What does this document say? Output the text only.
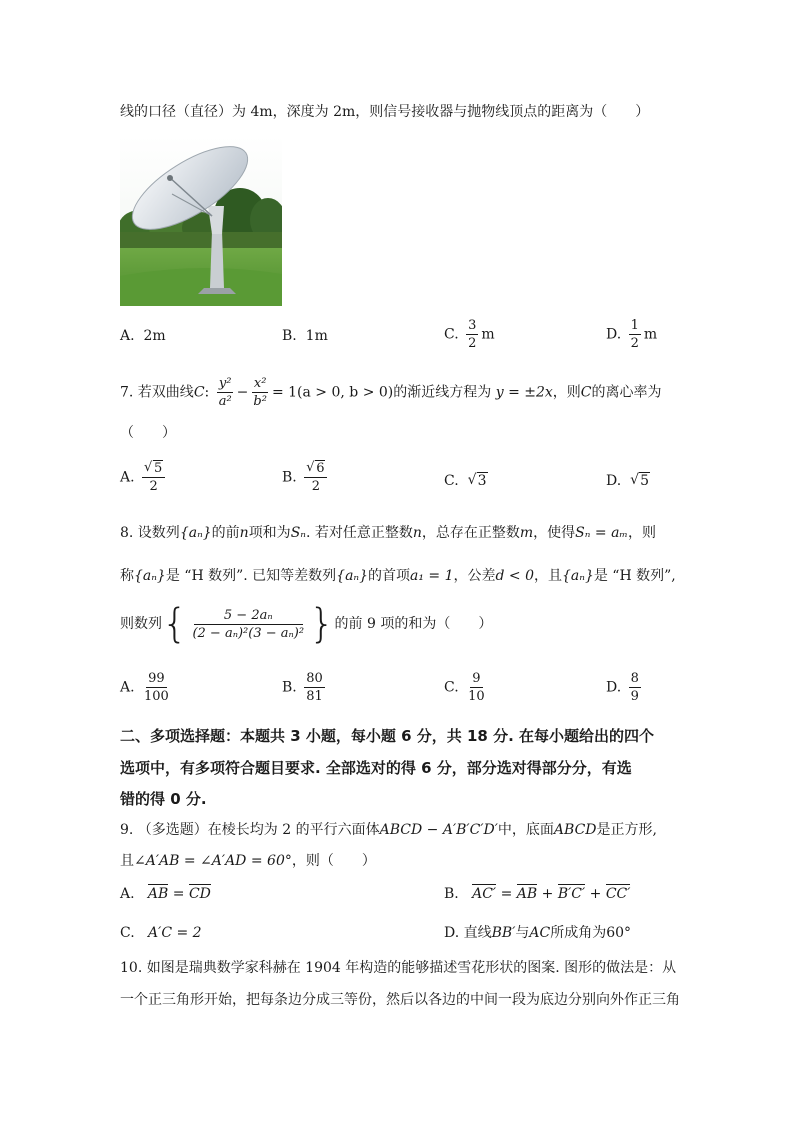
线的口径（直径）为 4m，深度为 2m，则信号接收器与抛物线顶点的距离为（　　）
A. 2m	B. 1m	C. $\frac{3}{2}$ m	D. $\frac{1}{2}$ m
7. 若双曲线C: $\frac{\text{y²}}{\text{a²}} - \frac{\text{x²}}{\text{b²}} = 1(a > 0$, b > 0)的渐近线方程为 y = ±2x，则C的离心率为
（　　）
A. √ $\frac{5}{2}$	B. √ $\frac{6}{2}$	C. √ 3	D. √ 5
8. 设数列{aₙ}的前n项和为Sₙ. 若对任意正整数n，总存在正整数m，使得Sₙ = aₘ，则
称{aₙ}是 “H 数列”. 已知等差数列{aₙ}的首项a₁ = 1，公差d < 0，且{aₙ}是 “H 数列”,
则数列 { $\frac{\text{5 − 2aₙ}}{\text{(2 − aₙ)²(3 − aₙ)²}}$ } 的前 9 项的和为（　　）
A. $\frac{99}{100}$	B. $\frac{80}{81}$	C. $\frac{9}{10}$	D. $\frac{8}{9}$
二、多项选择题：本题共 3 小题，每小题 6 分，共 18 分. 在每小题给出的四个
选项中，有多项符合题目要求. 全部选对的得 6 分，部分选对得部分分，有选
错的得 0 分.
9. （多选题）在棱长均为 2 的平行六面体ABCD − A′B′C′D′中，底面ABCD是正方形,
且∠A′AB = ∠A′AD = 60°，则（　　）
A. AB = CD	B. AC′ = AB + B′C′ + CC′
C. A′C = 2	D. 直线BB′与AC所成角为60°
10. 如图是瑞典数学家科赫在 1904 年构造的能够描述雪花形状的图案. 图形的做法是：从
一个正三角形开始，把每条边分成三等份，然后以各边的中间一段为底边分别向外作正三角
